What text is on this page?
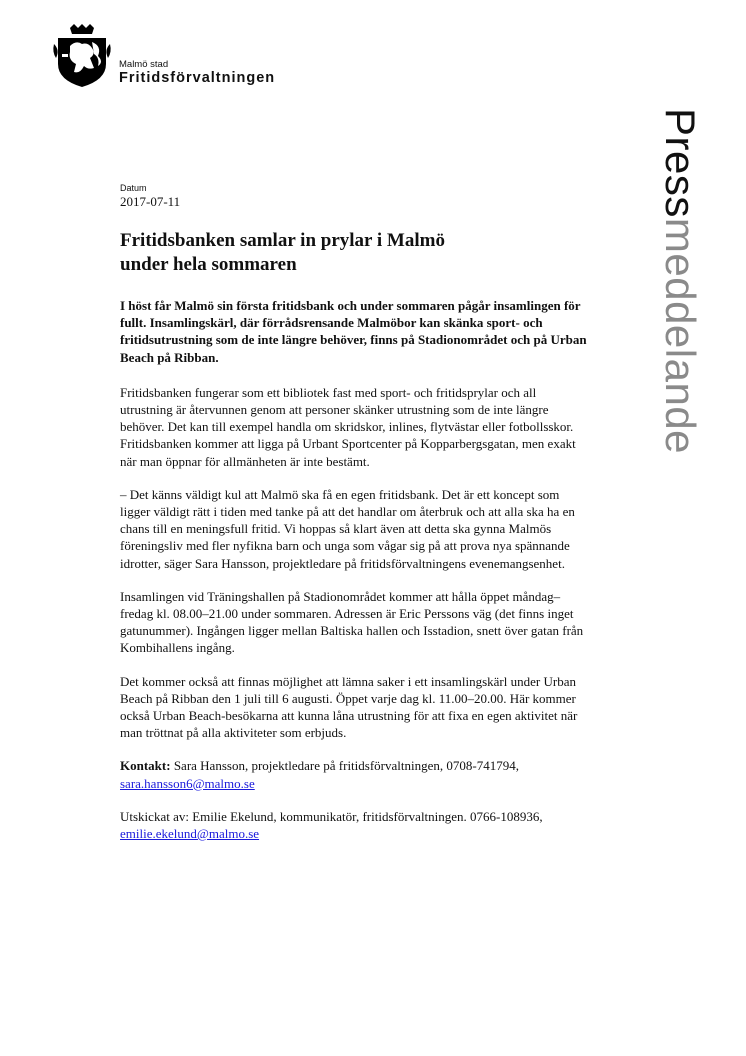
Malmö stad
Fritidsförvaltningen
Pressmeddelande
Datum
2017-07-11
Fritidsbanken samlar in prylar i Malmö
under hela sommaren

I höst får Malmö sin första fritidsbank och under sommaren pågår insamlingen för fullt. Insamlingskärl, där förrådsrensande Malmöbor kan skänka sport- och fritidsutrustning som de inte längre behöver, finns på Stadionområdet och på Urban Beach på Ribban.

Fritidsbanken fungerar som ett bibliotek fast med sport- och fritidsprylar och all utrustning är återvunnen genom att personer skänker utrustning som de inte längre behöver. Det kan till exempel handla om skridskor, inlines, flytvästar eller fotbollsskor. Fritidsbanken kommer att ligga på Urbant Sportcenter på Kopparbergsgatan, men exakt när man öppnar för allmänheten är inte bestämt.

– Det känns väldigt kul att Malmö ska få en egen fritidsbank. Det är ett koncept som ligger väldigt rätt i tiden med tanke på att det handlar om återbruk och att alla ska ha en chans till en meningsfull fritid. Vi hoppas så klart även att detta ska gynna Malmös föreningsliv med fler nyfikna barn och unga som vågar sig på att prova nya spännande idrotter, säger Sara Hansson, projektledare på fritidsförvaltningens evenemangsenhet.

Insamlingen vid Träningshallen på Stadionområdet kommer att hålla öppet måndag–fredag kl. 08.00–21.00 under sommaren. Adressen är Eric Perssons väg (det finns inget gatunummer). Ingången ligger mellan Baltiska hallen och Isstadion, snett över gatan från Kombihallens ingång.

Det kommer också att finnas möjlighet att lämna saker i ett insamlingskärl under Urban Beach på Ribban den 1 juli till 6 augusti. Öppet varje dag kl. 11.00–20.00. Här kommer också Urban Beach-besökarna att kunna låna utrustning för att fixa en egen aktivitet när man tröttnat på alla aktiviteter som erbjuds.

Kontakt: Sara Hansson, projektledare på fritidsförvaltningen, 0708-741794, sara.hansson6@malmo.se

Utskickat av: Emilie Ekelund, kommunikatör, fritidsförvaltningen. 0766-108936, emilie.ekelund@malmo.se
